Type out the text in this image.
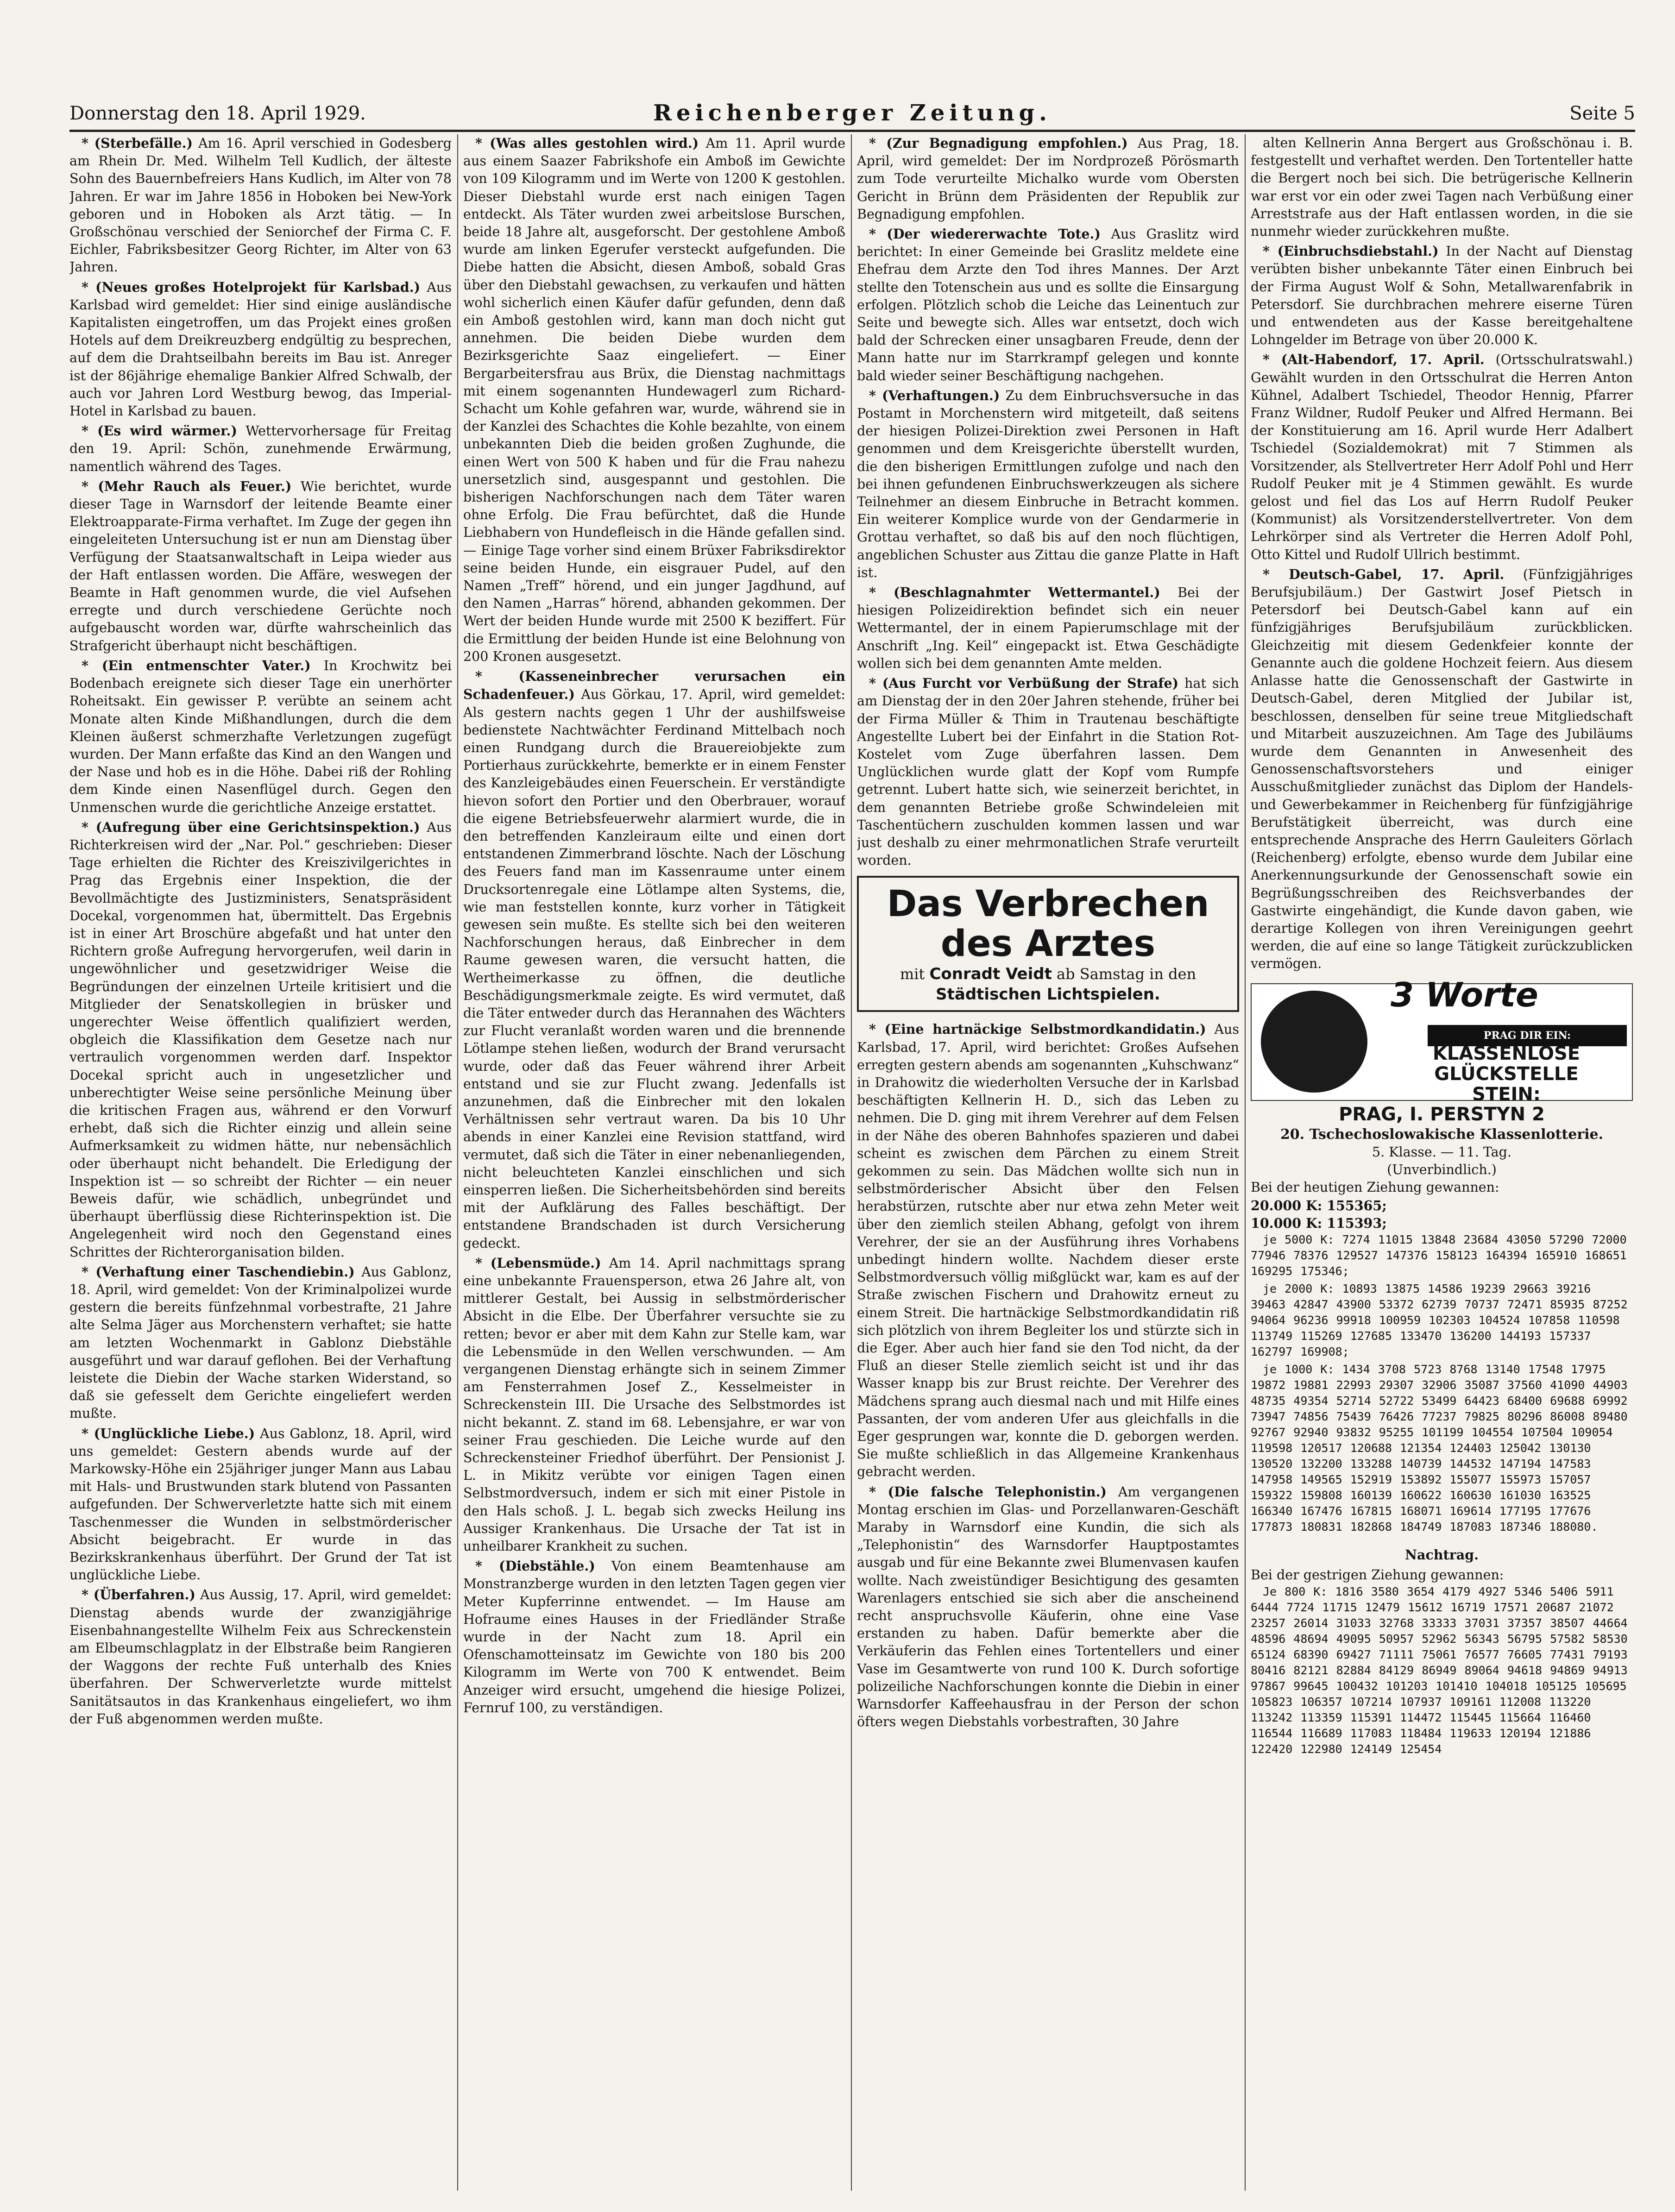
Donnerstag den 18. April 1929.	Reichenberger Zeitung.	Seite 5

* (Sterbefälle.) Am 16. April verschied in Godesberg am Rhein Dr. Med. Wilhelm Tell Kudlich, der älteste Sohn des Bauernbefreiers Hans Kudlich, im Alter von 78 Jahren. Er war im Jahre 1856 in Hoboken bei New-York geboren und in Hoboken als Arzt tätig. — In Großschönau verschied der Seniorchef der Firma C. F. Eichler, Fabriksbesitzer Georg Richter, im Alter von 63 Jahren.

* (Neues großes Hotelprojekt für Karlsbad.) Aus Karlsbad wird gemeldet: Hier sind einige ausländische Kapitalisten eingetroffen, um das Projekt eines großen Hotels auf dem Dreikreuzberg endgültig zu besprechen, auf dem die Drahtseilbahn bereits im Bau ist. Anreger ist der 86jährige ehemalige Bankier Alfred Schwalb, der auch vor Jahren Lord Westburg bewog, das Imperial-Hotel in Karlsbad zu bauen.

* (Es wird wärmer.) Wettervorhersage für Freitag den 19. April: Schön, zunehmende Erwärmung, namentlich während des Tages.

* (Mehr Rauch als Feuer.) Wie berichtet, wurde dieser Tage in Warnsdorf der leitende Beamte einer Elektroapparate-Firma verhaftet. Im Zuge der gegen ihn eingeleiteten Untersuchung ist er nun am Dienstag über Verfügung der Staatsanwaltschaft in Leipa wieder aus der Haft entlassen worden. Die Affäre, weswegen der Beamte in Haft genommen wurde, die viel Aufsehen erregte und durch verschiedene Gerüchte noch aufgebauscht worden war, dürfte wahrscheinlich das Strafgericht überhaupt nicht beschäftigen.

* (Ein entmenschter Vater.) In Krochwitz bei Bodenbach ereignete sich dieser Tage ein unerhörter Roheitsakt. Ein gewisser P. verübte an seinem acht Monate alten Kinde Mißhandlungen, durch die dem Kleinen äußerst schmerzhafte Verletzungen zugefügt wurden. Der Mann erfaßte das Kind an den Wangen und der Nase und hob es in die Höhe. Dabei riß der Rohling dem Kinde einen Nasenflügel durch. Gegen den Unmenschen wurde die gerichtliche Anzeige erstattet.

* (Aufregung über eine Gerichtsinspektion.) Aus Richterkreisen wird der „Nar. Pol.“ geschrieben: Dieser Tage erhielten die Richter des Kreiszivilgerichtes in Prag das Ergebnis einer Inspektion, die der Bevollmächtigte des Justizministers, Senatspräsident Docekal, vorgenommen hat, übermittelt. Das Ergebnis ist in einer Art Broschüre abgefaßt und hat unter den Richtern große Aufregung hervorgerufen, weil darin in ungewöhnlicher und gesetzwidriger Weise die Begründungen der einzelnen Urteile kritisiert und die Mitglieder der Senatskollegien in brüsker und ungerechter Weise öffentlich qualifiziert werden, obgleich die Klassifikation dem Gesetze nach nur vertraulich vorgenommen werden darf. Inspektor Docekal spricht auch in ungesetzlicher und unberechtigter Weise seine persönliche Meinung über die kritischen Fragen aus, während er den Vorwurf erhebt, daß sich die Richter einzig und allein seine Aufmerksamkeit zu widmen hätte, nur nebensächlich oder überhaupt nicht behandelt. Die Erledigung der Inspektion ist — so schreibt der Richter — ein neuer Beweis dafür, wie schädlich, unbegründet und überhaupt überflüssig diese Richterinspektion ist. Die Angelegenheit wird noch den Gegenstand eines Schrittes der Richterorganisation bilden.

* (Verhaftung einer Taschendiebin.) Aus Gablonz, 18. April, wird gemeldet: Von der Kriminalpolizei wurde gestern die bereits fünfzehnmal vorbestrafte, 21 Jahre alte Selma Jäger aus Morchenstern verhaftet; sie hatte am letzten Wochenmarkt in Gablonz Diebstähle ausgeführt und war darauf geflohen. Bei der Verhaftung leistete die Diebin der Wache starken Widerstand, so daß sie gefesselt dem Gerichte eingeliefert werden mußte.

* (Unglückliche Liebe.) Aus Gablonz, 18. April, wird uns gemeldet: Gestern abends wurde auf der Markowsky-Höhe ein 25jähriger junger Mann aus Labau mit Hals- und Brustwunden stark blutend von Passanten aufgefunden. Der Schwerverletzte hatte sich mit einem Taschenmesser die Wunden in selbstmörderischer Absicht beigebracht. Er wurde in das Bezirkskrankenhaus überführt. Der Grund der Tat ist unglückliche Liebe.

* (Überfahren.) Aus Aussig, 17. April, wird gemeldet: Dienstag abends wurde der zwanzigjährige Eisenbahnangestellte Wilhelm Feix aus Schreckenstein am Elbeumschlagplatz in der Elbstraße beim Rangieren der Waggons der rechte Fuß unterhalb des Knies überfahren. Der Schwerverletzte wurde mittelst Sanitätsautos in das Krankenhaus eingeliefert, wo ihm der Fuß abgenommen werden mußte.

* (Was alles gestohlen wird.) Am 11. April wurde aus einem Saazer Fabrikshofe ein Amboß im Gewichte von 109 Kilogramm und im Werte von 1200 K gestohlen. Dieser Diebstahl wurde erst nach einigen Tagen entdeckt. Als Täter wurden zwei arbeitslose Burschen, beide 18 Jahre alt, ausgeforscht. Der gestohlene Amboß wurde am linken Egerufer versteckt aufgefunden. Die Diebe hatten die Absicht, diesen Amboß, sobald Gras über den Diebstahl gewachsen, zu verkaufen und hätten wohl sicherlich einen Käufer dafür gefunden, denn daß ein Amboß gestohlen wird, kann man doch nicht gut annehmen. Die beiden Diebe wurden dem Bezirksgerichte Saaz eingeliefert. — Einer Bergarbeitersfrau aus Brüx, die Dienstag nachmittags mit einem sogenannten Hundewagerl zum Richard-Schacht um Kohle gefahren war, wurde, während sie in der Kanzlei des Schachtes die Kohle bezahlte, von einem unbekannten Dieb die beiden großen Zughunde, die einen Wert von 500 K haben und für die Frau nahezu unersetzlich sind, ausgespannt und gestohlen. Die bisherigen Nachforschungen nach dem Täter waren ohne Erfolg. Die Frau befürchtet, daß die Hunde Liebhabern von Hundefleisch in die Hände gefallen sind. — Einige Tage vorher sind einem Brüxer Fabriksdirektor seine beiden Hunde, ein eisgrauer Pudel, auf den Namen „Treff“ hörend, und ein junger Jagdhund, auf den Namen „Harras“ hörend, abhanden gekommen. Der Wert der beiden Hunde wurde mit 2500 K beziffert. Für die Ermittlung der beiden Hunde ist eine Belohnung von 200 Kronen ausgesetzt.

* (Kasseneinbrecher verursachen ein Schadenfeuer.) Aus Görkau, 17. April, wird gemeldet: Als gestern nachts gegen 1 Uhr der aushilfsweise bedienstete Nachtwächter Ferdinand Mittelbach noch einen Rundgang durch die Brauereiobjekte zum Portierhaus zurückkehrte, bemerkte er in einem Fenster des Kanzleigebäudes einen Feuerschein. Er verständigte hievon sofort den Portier und den Oberbrauer, worauf die eigene Betriebsfeuerwehr alarmiert wurde, die in den betreffenden Kanzleiraum eilte und einen dort entstandenen Zimmerbrand löschte. Nach der Löschung des Feuers fand man im Kassenraume unter einem Drucksortenregale eine Lötlampe alten Systems, die, wie man feststellen konnte, kurz vorher in Tätigkeit gewesen sein mußte. Es stellte sich bei den weiteren Nachforschungen heraus, daß Einbrecher in dem Raume gewesen waren, die versucht hatten, die Wertheimerkasse zu öffnen, die deutliche Beschädigungsmerkmale zeigte. Es wird vermutet, daß die Täter entweder durch das Herannahen des Wächters zur Flucht veranlaßt worden waren und die brennende Lötlampe stehen ließen, wodurch der Brand verursacht wurde, oder daß das Feuer während ihrer Arbeit entstand und sie zur Flucht zwang. Jedenfalls ist anzunehmen, daß die Einbrecher mit den lokalen Verhältnissen sehr vertraut waren. Da bis 10 Uhr abends in einer Kanzlei eine Revision stattfand, wird vermutet, daß sich die Täter in einer nebenanliegenden, nicht beleuchteten Kanzlei einschlichen und sich einsperren ließen. Die Sicherheitsbehörden sind bereits mit der Aufklärung des Falles beschäftigt. Der entstandene Brandschaden ist durch Versicherung gedeckt.

* (Lebensmüde.) Am 14. April nachmittags sprang eine unbekannte Frauensperson, etwa 26 Jahre alt, von mittlerer Gestalt, bei Aussig in selbstmörderischer Absicht in die Elbe. Der Überfahrer versuchte sie zu retten; bevor er aber mit dem Kahn zur Stelle kam, war die Lebensmüde in den Wellen verschwunden. — Am vergangenen Dienstag erhängte sich in seinem Zimmer am Fensterrahmen Josef Z., Kesselmeister in Schreckenstein III. Die Ursache des Selbstmordes ist nicht bekannt. Z. stand im 68. Lebensjahre, er war von seiner Frau geschieden. Die Leiche wurde auf den Schreckensteiner Friedhof überführt. Der Pensionist J. L. in Mikitz verübte vor einigen Tagen einen Selbstmordversuch, indem er sich mit einer Pistole in den Hals schoß. J. L. begab sich zwecks Heilung ins Aussiger Krankenhaus. Die Ursache der Tat ist in unheilbarer Krankheit zu suchen.

* (Diebstähle.) Von einem Beamtenhause am Monstranzberge wurden in den letzten Tagen gegen vier Meter Kupferrinne entwendet. — Im Hause am Hofraume eines Hauses in der Friedländer Straße wurde in der Nacht zum 18. April ein Ofenschamotteinsatz im Gewichte von 180 bis 200 Kilogramm im Werte von 700 K entwendet. Beim Anzeiger wird ersucht, umgehend die hiesige Polizei, Fernruf 100, zu verständigen.

* (Zur Begnadigung empfohlen.) Aus Prag, 18. April, wird gemeldet: Der im Nordprozeß Pörösmarth zum Tode verurteilte Michalko wurde vom Obersten Gericht in Brünn dem Präsidenten der Republik zur Begnadigung empfohlen.

* (Der wiedererwachte Tote.) Aus Graslitz wird berichtet: In einer Gemeinde bei Graslitz meldete eine Ehefrau dem Arzte den Tod ihres Mannes. Der Arzt stellte den Totenschein aus und es sollte die Einsargung erfolgen. Plötzlich schob die Leiche das Leinentuch zur Seite und bewegte sich. Alles war entsetzt, doch wich bald der Schrecken einer unsagbaren Freude, denn der Mann hatte nur im Starrkrampf gelegen und konnte bald wieder seiner Beschäftigung nachgehen.

* (Verhaftungen.) Zu dem Einbruchsversuche in das Postamt in Morchenstern wird mitgeteilt, daß seitens der hiesigen Polizei-Direktion zwei Personen in Haft genommen und dem Kreisgerichte überstellt wurden, die den bisherigen Ermittlungen zufolge und nach den bei ihnen gefundenen Einbruchswerkzeugen als sichere Teilnehmer an diesem Einbruche in Betracht kommen. Ein weiterer Komplice wurde von der Gendarmerie in Grottau verhaftet, so daß bis auf den noch flüchtigen, angeblichen Schuster aus Zittau die ganze Platte in Haft ist.

* (Beschlagnahmter Wettermantel.) Bei der hiesigen Polizeidirektion befindet sich ein neuer Wettermantel, der in einem Papierumschlage mit der Anschrift „Ing. Keil“ eingepackt ist. Etwa Geschädigte wollen sich bei dem genannten Amte melden.

* (Aus Furcht vor Verbüßung der Strafe) hat sich am Dienstag der in den 20er Jahren stehende, früher bei der Firma Müller & Thim in Trautenau beschäftigte Angestellte Lubert bei der Einfahrt in die Station Rot-Kostelet vom Zuge überfahren lassen. Dem Unglücklichen wurde glatt der Kopf vom Rumpfe getrennt. Lubert hatte sich, wie seinerzeit berichtet, in dem genannten Betriebe große Schwindeleien mit Taschentüchern zuschulden kommen lassen und war just deshalb zu einer mehrmonatlichen Strafe verurteilt worden.

Das Verbrechen
des Arztes
mit Conradt Veidt ab Samstag in den
Städtischen Lichtspielen.

* (Eine hartnäckige Selbstmordkandidatin.) Aus Karlsbad, 17. April, wird berichtet: Großes Aufsehen erregten gestern abends am sogenannten „Kuhschwanz“ in Drahowitz die wiederholten Versuche der in Karlsbad beschäftigten Kellnerin H. D., sich das Leben zu nehmen. Die D. ging mit ihrem Verehrer auf dem Felsen in der Nähe des oberen Bahnhofes spazieren und dabei scheint es zwischen dem Pärchen zu einem Streit gekommen zu sein. Das Mädchen wollte sich nun in selbstmörderischer Absicht über den Felsen herabstürzen, rutschte aber nur etwa zehn Meter weit über den ziemlich steilen Abhang, gefolgt von ihrem Verehrer, der sie an der Ausführung ihres Vorhabens unbedingt hindern wollte. Nachdem dieser erste Selbstmordversuch völlig mißglückt war, kam es auf der Straße zwischen Fischern und Drahowitz erneut zu einem Streit. Die hartnäckige Selbstmordkandidatin riß sich plötzlich von ihrem Begleiter los und stürzte sich in die Eger. Aber auch hier fand sie den Tod nicht, da der Fluß an dieser Stelle ziemlich seicht ist und ihr das Wasser knapp bis zur Brust reichte. Der Verehrer des Mädchens sprang auch diesmal nach und mit Hilfe eines Passanten, der vom anderen Ufer aus gleichfalls in die Eger gesprungen war, konnte die D. geborgen werden. Sie mußte schließlich in das Allgemeine Krankenhaus gebracht werden.

* (Die falsche Telephonistin.) Am vergangenen Montag erschien im Glas- und Porzellanwaren-Geschäft Maraby in Warnsdorf eine Kundin, die sich als „Telephonistin“ des Warnsdorfer Hauptpostamtes ausgab und für eine Bekannte zwei Blumenvasen kaufen wollte. Nach zweistündiger Besichtigung des gesamten Warenlagers entschied sie sich aber die anscheinend recht anspruchsvolle Käuferin, ohne eine Vase erstanden zu haben. Dafür bemerkte aber die Verkäuferin das Fehlen eines Tortentellers und einer Vase im Gesamtwerte von rund 100 K. Durch sofortige polizeiliche Nachforschungen konnte die Diebin in einer Warnsdorfer Kaffeehausfrau in der Person der schon öfters wegen Diebstahls vorbestraften, 30 Jahre

alten Kellnerin Anna Bergert aus Großschönau i. B. festgestellt und verhaftet werden. Den Tortenteller hatte die Bergert noch bei sich. Die betrügerische Kellnerin war erst vor ein oder zwei Tagen nach Verbüßung einer Arreststrafe aus der Haft entlassen worden, in die sie nunmehr wieder zurückkehren mußte.

* (Einbruchsdiebstahl.) In der Nacht auf Dienstag verübten bisher unbekannte Täter einen Einbruch bei der Firma August Wolf & Sohn, Metallwarenfabrik in Petersdorf. Sie durchbrachen mehrere eiserne Türen und entwendeten aus der Kasse bereitgehaltene Lohngelder im Betrage von über 20.000 K.

* (Alt-Habendorf, 17. April. (Ortsschulratswahl.) Gewählt wurden in den Ortsschulrat die Herren Anton Kühnel, Adalbert Tschiedel, Theodor Hennig, Pfarrer Franz Wildner, Rudolf Peuker und Alfred Hermann. Bei der Konstituierung am 16. April wurde Herr Adalbert Tschiedel (Sozialdemokrat) mit 7 Stimmen als Vorsitzender, als Stellvertreter Herr Adolf Pohl und Herr Rudolf Peuker mit je 4 Stimmen gewählt. Es wurde gelost und fiel das Los auf Herrn Rudolf Peuker (Kommunist) als Vorsitzenderstellvertreter. Von dem Lehrkörper sind als Vertreter die Herren Adolf Pohl, Otto Kittel und Rudolf Ullrich bestimmt.

* Deutsch-Gabel, 17. April. (Fünfzigjähriges Berufsjubiläum.) Der Gastwirt Josef Pietsch in Petersdorf bei Deutsch-Gabel kann auf ein fünfzigjähriges Berufsjubiläum zurückblicken. Gleichzeitig mit diesem Gedenkfeier konnte der Genannte auch die goldene Hochzeit feiern. Aus diesem Anlasse hatte die Genossenschaft der Gastwirte in Deutsch-Gabel, deren Mitglied der Jubilar ist, beschlossen, denselben für seine treue Mitgliedschaft und Mitarbeit auszuzeichnen. Am Tage des Jubiläums wurde dem Genannten in Anwesenheit des Genossenschaftsvorstehers und einiger Ausschußmitglieder zunächst das Diplom der Handels- und Gewerbekammer in Reichenberg für fünfzigjährige Berufstätigkeit überreicht, was durch eine entsprechende Ansprache des Herrn Gauleiters Görlach (Reichenberg) erfolgte, ebenso wurde dem Jubilar eine Anerkennungsurkunde der Genossenschaft sowie ein Begrüßungsschreiben des Reichsverbandes der Gastwirte eingehändigt, die Kunde davon gaben, wie derartige Kollegen von ihren Vereinigungen geehrt werden, die auf eine so lange Tätigkeit zurückzublicken vermögen.

3 Worte
PRAG DIR EIN:
KLASSENLOSE
GLÜCKSTELLE
STEIN:
PRAG, I. PERSTYN 2
20. Tschechoslowakische Klassenlotterie.
5. Klasse. — 11. Tag.
(Unverbindlich.)
Bei der heutigen Ziehung gewannen:
20.000 K: 155365;
10.000 K: 115393;

je 5000 K: 7274 11015 13848 23684 43050 57290 72000 77946 78376 129527 147376 158123 164394 165910 168651 169295 175346;

je 2000 K: 10893 13875 14586 19239 29663 39216 39463 42847 43900 53372 62739 70737 72471 85935 87252 94064 96236 99918 100959 102303 104524 107858 110598 113749 115269 127685 133470 136200 144193 157337 162797 169908;

je 1000 K: 1434 3708 5723 8768 13140 17548 17975 19872 19881 22993 29307 32906 35087 37560 41090 44903 48735 49354 52714 52722 53499 64423 68400 69688 69992 73947 74856 75439 76426 77237 79825 80296 86008 89480 92767 92940 93832 95255 101199 104554 107504 109054 119598 120517 120688 121354 124403 125042 130130 130520 132200 133288 140739 144532 147194 147583 147958 149565 152919 153892 155077 155973 157057 159322 159808 160139 160622 160630 161030 163525 166340 167476 167815 168071 169614 177195 177676 177873 180831 182868 184749 187083 187346 188080.

Nachtrag.
Bei der gestrigen Ziehung gewannen:

Je 800 K: 1816 3580 3654 4179 4927 5346 5406 5911 6444 7724 11715 12479 15612 16719 17571 20687 21072 23257 26014 31033 32768 33333 37031 37357 38507 44664 48596 48694 49095 50957 52962 56343 56795 57582 58530 65124 68390 69427 71111 75061 76577 76605 77431 79193 80416 82121 82884 84129 86949 89064 94618 94869 94913 97867 99645 100432 101203 101410 104018 105125 105695 105823 106357 107214 107937 109161 112008 113220 113242 113359 115391 114472 115445 115664 116460 116544 116689 117083 118484 119633 120194 121886 122420 122980 124149 125454
